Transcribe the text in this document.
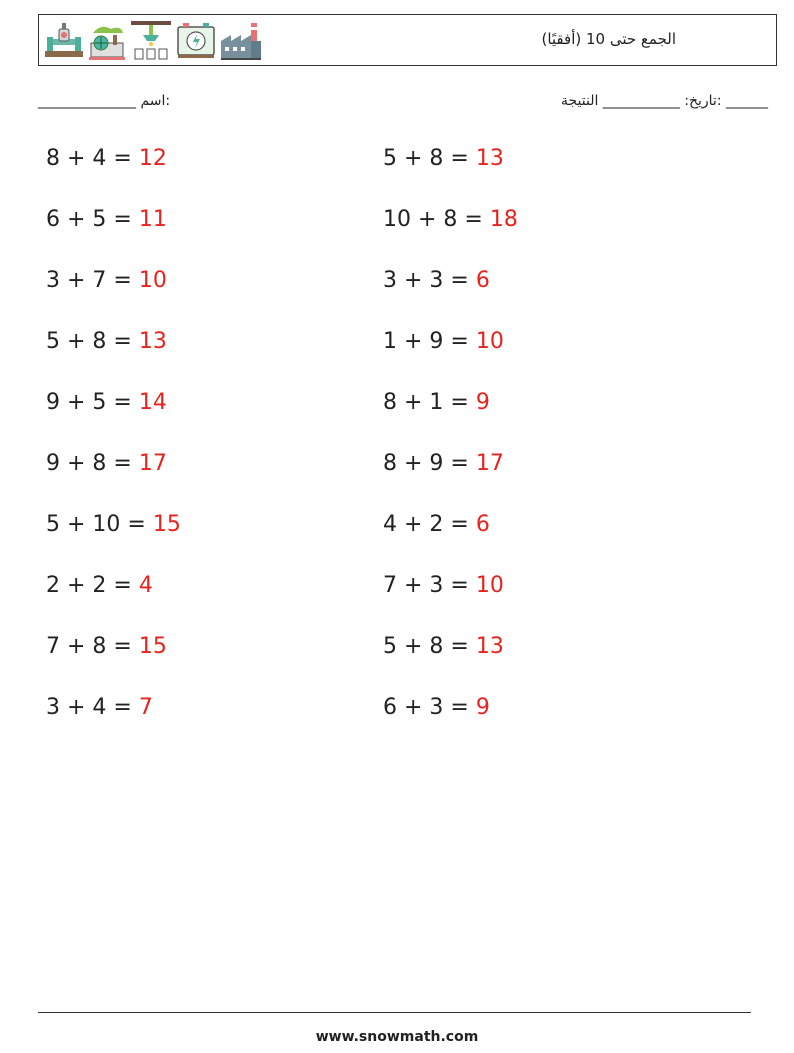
الجمع حتى 10 (أفقيًا)
:اسم ______________	______ :تاريخ: ___________ النتيجة
8 + 4 = 12
6 + 5 = 11
3 + 7 = 10
5 + 8 = 13
9 + 5 = 14
9 + 8 = 17
5 + 10 = 15
2 + 2 = 4
7 + 8 = 15
3 + 4 = 7
5 + 8 = 13
10 + 8 = 18
3 + 3 = 6
1 + 9 = 10
8 + 1 = 9
8 + 9 = 17
4 + 2 = 6
7 + 3 = 10
5 + 8 = 13
6 + 3 = 9
www.snowmath.com
